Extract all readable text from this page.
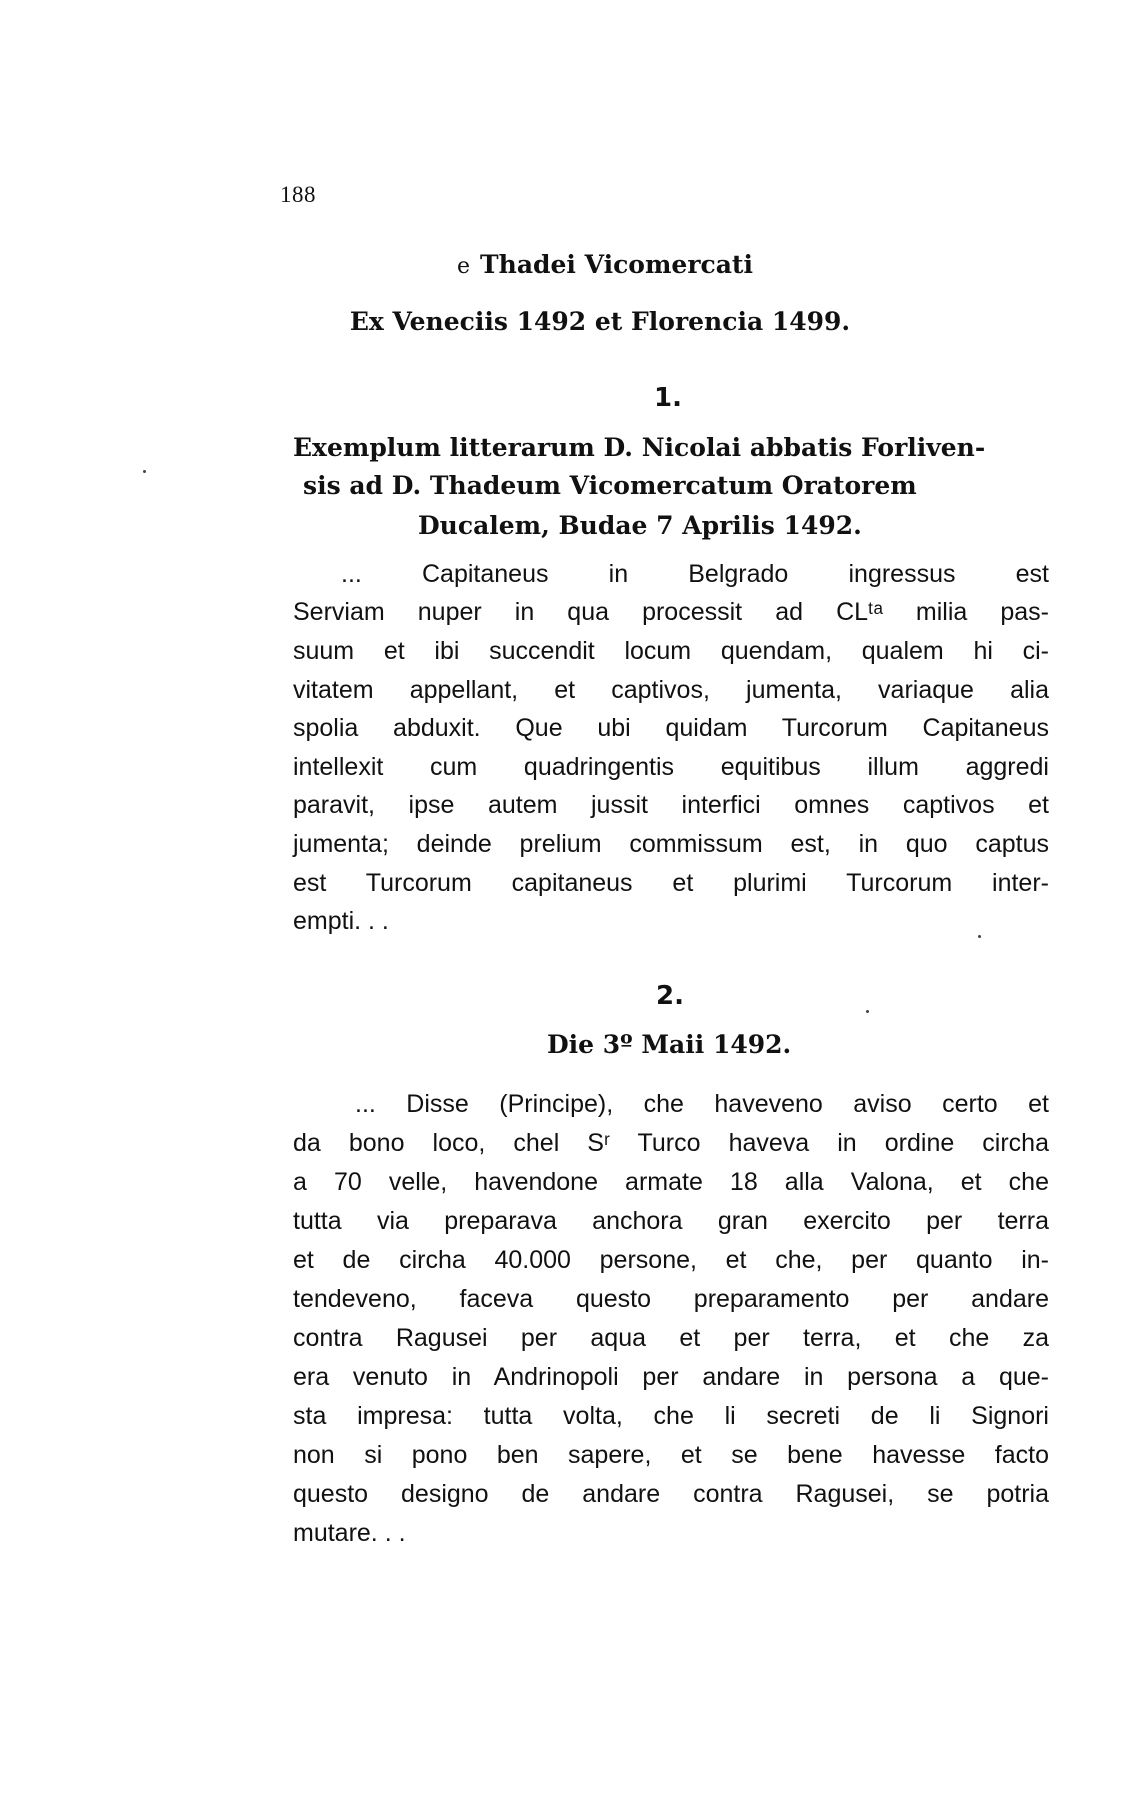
188
e Thadei Vicomercati
Ex Veneciis 1492 et Florencia 1499.
1.
Exemplum litterarum D. Nicolai abbatis Forliven-
sis ad D. Thadeum Vicomercatum Oratorem
Ducalem, Budae 7 Aprilis 1492.
... Capitaneus in Belgrado ingressus est
Serviam nuper in qua processit ad CLᵗᵃ milia pas-
suum et ibi succendit locum quendam, qualem hi ci-
vitatem appellant, et captivos, jumenta, variaque alia
spolia abduxit. Que ubi quidam Turcorum Capitaneus
intellexit cum quadringentis equitibus illum aggredi
paravit, ipse autem jussit interfici omnes captivos et
jumenta; deinde prelium commissum est, in quo captus
est Turcorum capitaneus et plurimi Turcorum inter-
empti. . .
2.
Die 3º Maii 1492.
... Disse (Principe), che haveveno aviso certo et
da bono loco, chel Sʳ Turco haveva in ordine circha
a 70 velle, havendone armate 18 alla Valona, et che
tutta via preparava anchora gran exercito per terra
et de circha 40.000 persone, et che, per quanto in-
tendeveno, faceva questo preparamento per andare
contra Ragusei per aqua et per terra, et che za
era venuto in Andrinopoli per andare in persona a que-
sta impresa: tutta volta, che li secreti de li Signori
non si pono ben sapere, et se bene havesse facto
questo designo de andare contra Ragusei, se potria
mutare. . .
